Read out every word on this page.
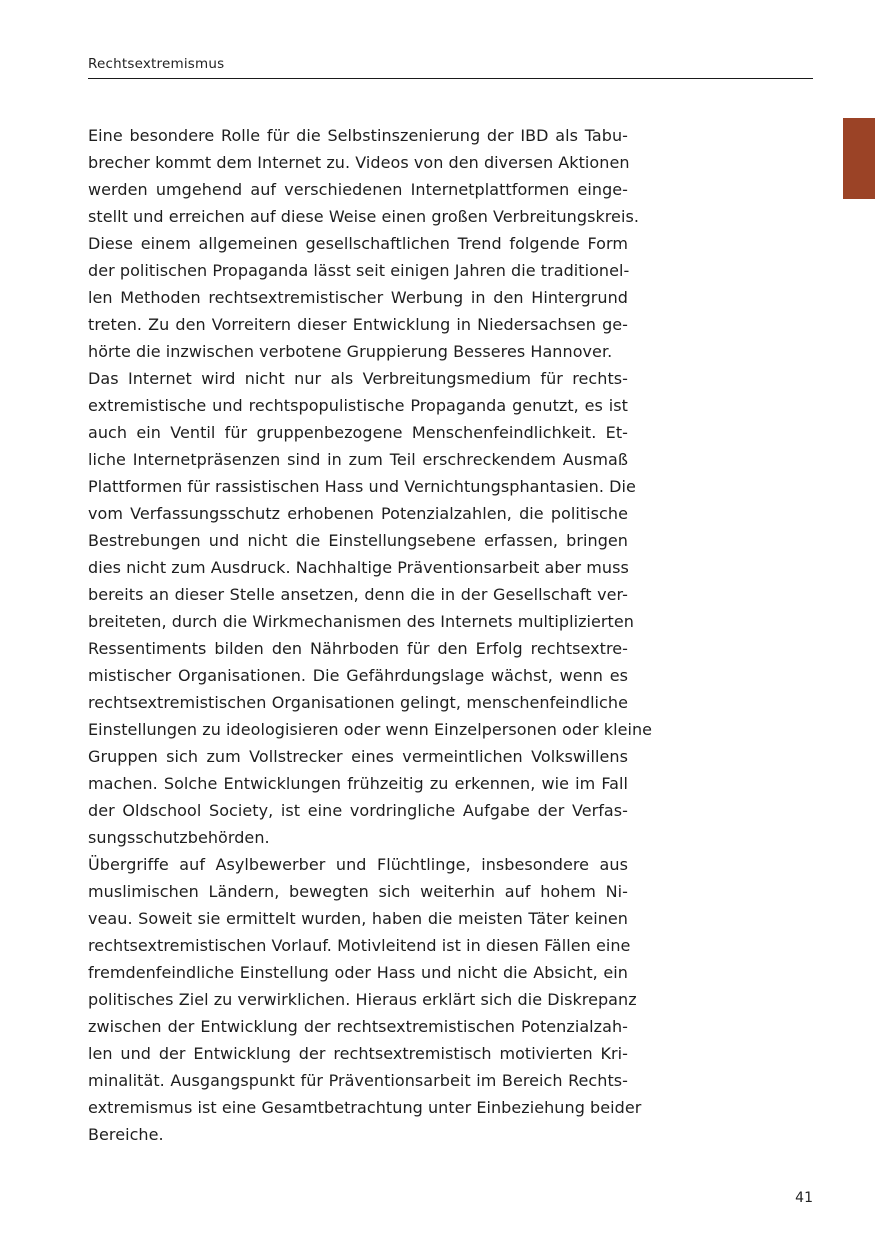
Rechtsextremismus
Eine besondere Rolle für die Selbstinszenierung der IBD als Tabu-
brecher kommt dem Internet zu. Videos von den diversen Aktionen
werden umgehend auf verschiedenen Internetplattformen einge-
stellt und erreichen auf diese Weise einen großen Verbreitungskreis.
Diese einem allgemeinen gesellschaftlichen Trend folgende Form
der politischen Propaganda lässt seit einigen Jahren die traditionel-
len Methoden rechtsextremistischer Werbung in den Hintergrund
treten. Zu den Vorreitern dieser Entwicklung in Niedersachsen ge-
hörte die inzwischen verbotene Gruppierung Besseres Hannover.
Das Internet wird nicht nur als Verbreitungsmedium für rechts-
extremistische und rechtspopulistische Propaganda genutzt, es ist
auch ein Ventil für gruppenbezogene Menschenfeindlichkeit. Et-
liche Internetpräsenzen sind in zum Teil erschreckendem Ausmaß
Plattformen für rassistischen Hass und Vernichtungsphantasien. Die
vom Verfassungsschutz erhobenen Potenzialzahlen, die politische
Bestrebungen und nicht die Einstellungsebene erfassen, bringen
dies nicht zum Ausdruck. Nachhaltige Präventionsarbeit aber muss
bereits an dieser Stelle ansetzen, denn die in der Gesellschaft ver-
breiteten, durch die Wirkmechanismen des Internets multiplizierten
Ressentiments bilden den Nährboden für den Erfolg rechtsextre-
mistischer Organisationen. Die Gefährdungslage wächst, wenn es
rechtsextremistischen Organisationen gelingt, menschenfeindliche
Einstellungen zu ideologisieren oder wenn Einzelpersonen oder kleine
Gruppen sich zum Vollstrecker eines vermeintlichen Volkswillens
machen. Solche Entwicklungen frühzeitig zu erkennen, wie im Fall
der Oldschool Society, ist eine vordringliche Aufgabe der Verfas-
sungsschutzbehörden.
Übergriffe auf Asylbewerber und Flüchtlinge, insbesondere aus
muslimischen Ländern, bewegten sich weiterhin auf hohem Ni-
veau. Soweit sie ermittelt wurden, haben die meisten Täter keinen
rechtsextremistischen Vorlauf. Motivleitend ist in diesen Fällen eine
fremdenfeindliche Einstellung oder Hass und nicht die Absicht, ein
politisches Ziel zu verwirklichen. Hieraus erklärt sich die Diskrepanz
zwischen der Entwicklung der rechtsextremistischen Potenzialzah-
len und der Entwicklung der rechtsextremistisch motivierten Kri-
minalität. Ausgangspunkt für Präventionsarbeit im Bereich Rechts-
extremismus ist eine Gesamtbetrachtung unter Einbeziehung beider
Bereiche.
41
